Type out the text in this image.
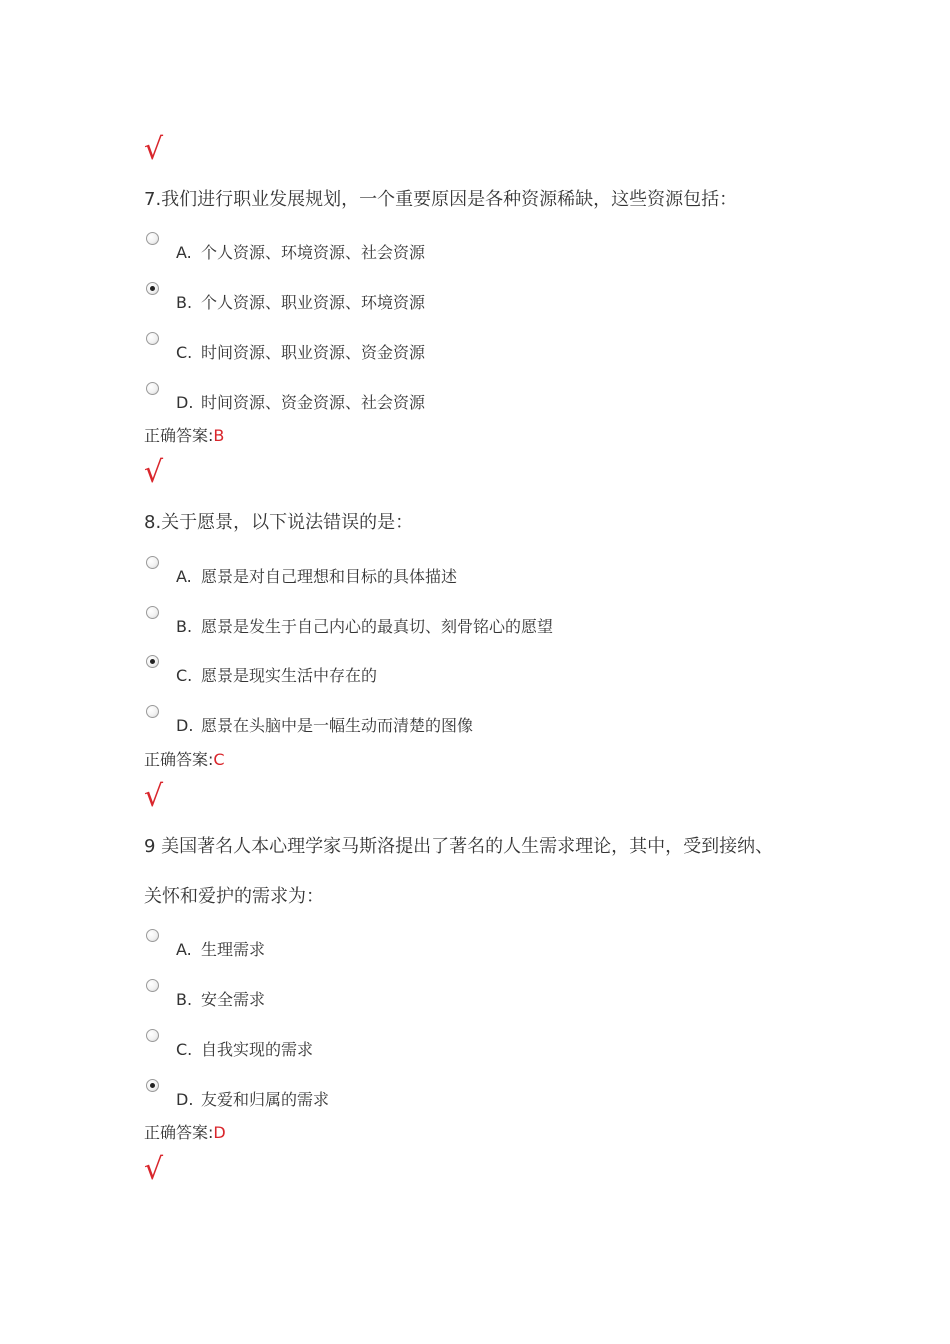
√
7.我们进行职业发展规划，一个重要原因是各种资源稀缺，这些资源包括：
A. 个人资源、环境资源、社会资源
B. 个人资源、职业资源、环境资源
C. 时间资源、职业资源、资金资源
D. 时间资源、资金资源、社会资源
正确答案:B
√
8.关于愿景，以下说法错误的是：
A. 愿景是对自己理想和目标的具体描述
B. 愿景是发生于自己内心的最真切、刻骨铭心的愿望
C. 愿景是现实生活中存在的
D. 愿景在头脑中是一幅生动而清楚的图像
正确答案:C
√
9 美国著名人本心理学家马斯洛提出了著名的人生需求理论，其中，受到接纳、
关怀和爱护的需求为：
A. 生理需求
B. 安全需求
C. 自我实现的需求
D. 友爱和归属的需求
正确答案:D
√
